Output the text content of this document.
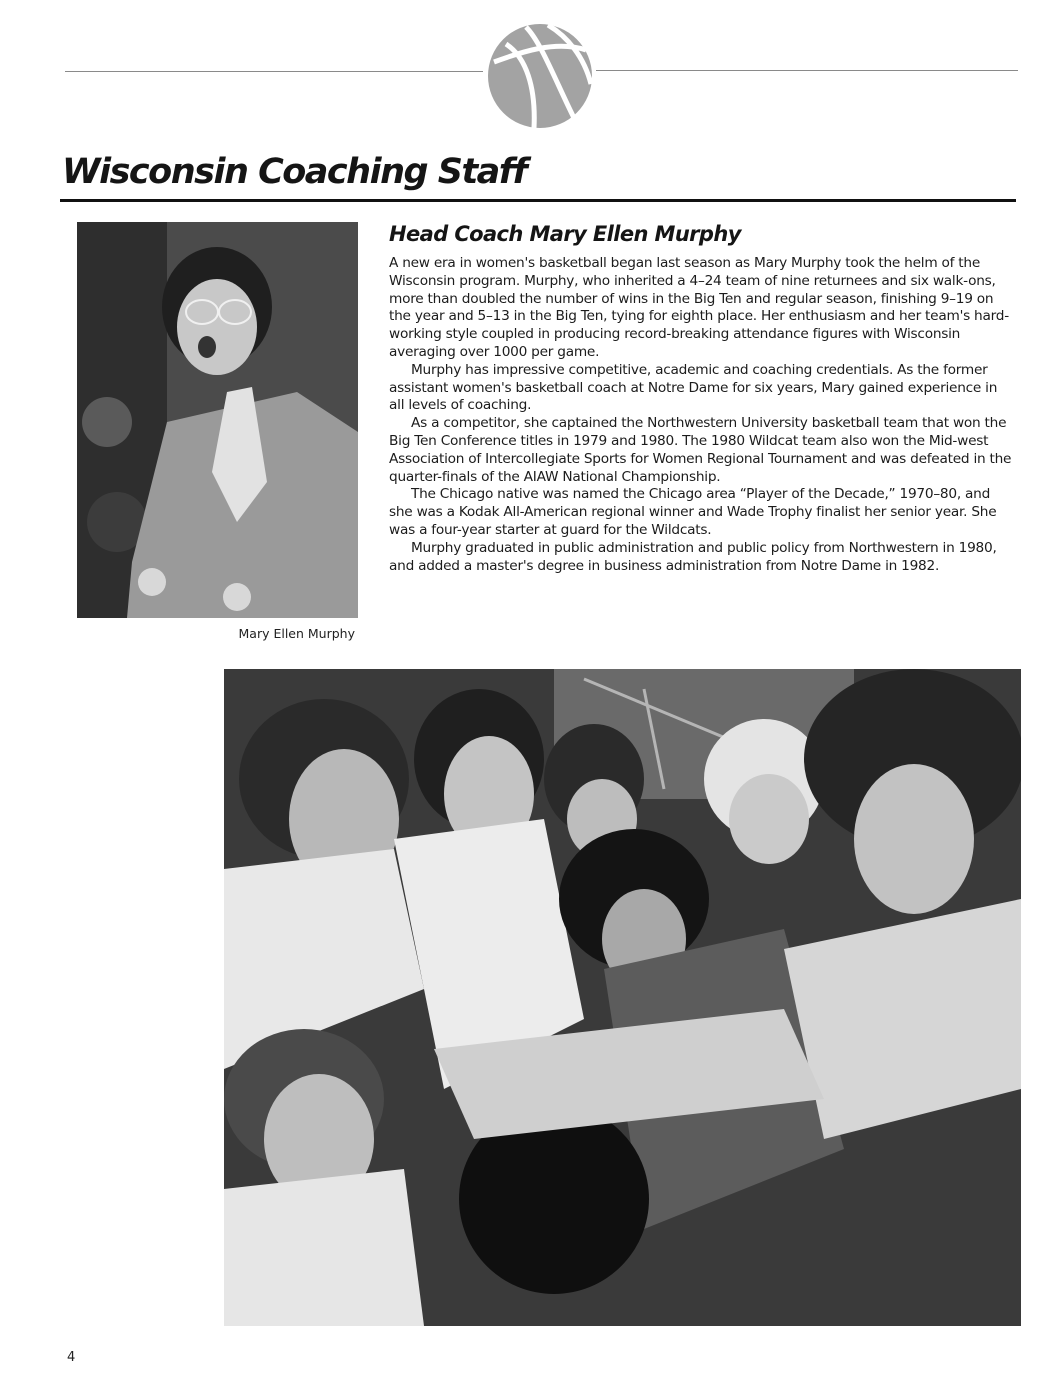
Wisconsin Coaching Staff
Mary Ellen Murphy
Head Coach Mary Ellen Murphy

A new era in women's basketball began last season as Mary Murphy took the helm of the Wisconsin program. Murphy, who inherited a 4–24 team of nine returnees and six walk-ons, more than doubled the number of wins in the Big Ten and regular season, finishing 9–19 on the year and 5–13 in the Big Ten, tying for eighth place. Her enthusiasm and her team's hard-working style coupled in producing record-breaking attendance figures with Wisconsin averaging over 1000 per game.

Murphy has impressive competitive, academic and coaching credentials. As the former assistant women's basketball coach at Notre Dame for six years, Mary gained experience in all levels of coaching.

As a competitor, she captained the Northwestern University basketball team that won the Big Ten Conference titles in 1979 and 1980. The 1980 Wildcat team also won the Mid-west Association of Intercollegiate Sports for Women Regional Tournament and was defeated in the quarter-finals of the AIAW National Championship.

The Chicago native was named the Chicago area “Player of the Decade,” 1970–80, and she was a Kodak All-American regional winner and Wade Trophy finalist her senior year. She was a four-year starter at guard for the Wildcats.

Murphy graduated in public administration and public policy from Northwestern in 1980, and added a master's degree in business administration from Notre Dame in 1982.

4
